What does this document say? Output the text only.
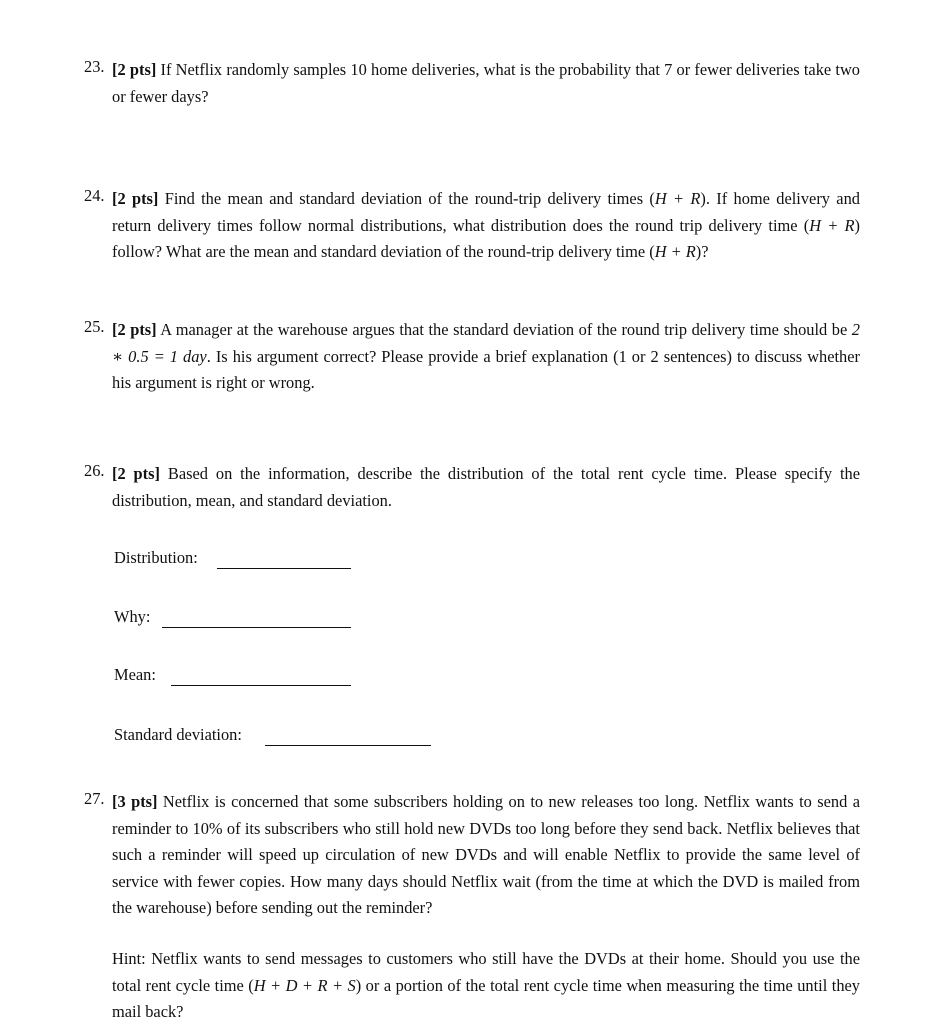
23. [2 pts] If Netflix randomly samples 10 home deliveries, what is the probability that 7 or fewer deliveries take two or fewer days?
24. [2 pts] Find the mean and standard deviation of the round-trip delivery times (H + R). If home delivery and return delivery times follow normal distributions, what distribution does the round trip delivery time (H + R) follow? What are the mean and standard deviation of the round-trip delivery time (H + R)?
25. [2 pts] A manager at the warehouse argues that the standard deviation of the round trip delivery time should be 2 ∗ 0.5 = 1 day. Is his argument correct? Please provide a brief explanation (1 or 2 sentences) to discuss whether his argument is right or wrong.
26. [2 pts] Based on the information, describe the distribution of the total rent cycle time. Please specify the distribution, mean, and standard deviation.
Distribution:
Why:
Mean:
Standard deviation:
27. [3 pts] Netflix is concerned that some subscribers holding on to new releases too long. Netflix wants to send a reminder to 10% of its subscribers who still hold new DVDs too long before they send back. Netflix believes that such a reminder will speed up circulation of new DVDs and will enable Netflix to provide the same level of service with fewer copies. How many days should Netflix wait (from the time at which the DVD is mailed from the warehouse) before sending out the reminder?
Hint: Netflix wants to send messages to customers who still have the DVDs at their home. Should you use the total rent cycle time (H + D + R + S) or a portion of the total rent cycle time when measuring the time until they mail back?
